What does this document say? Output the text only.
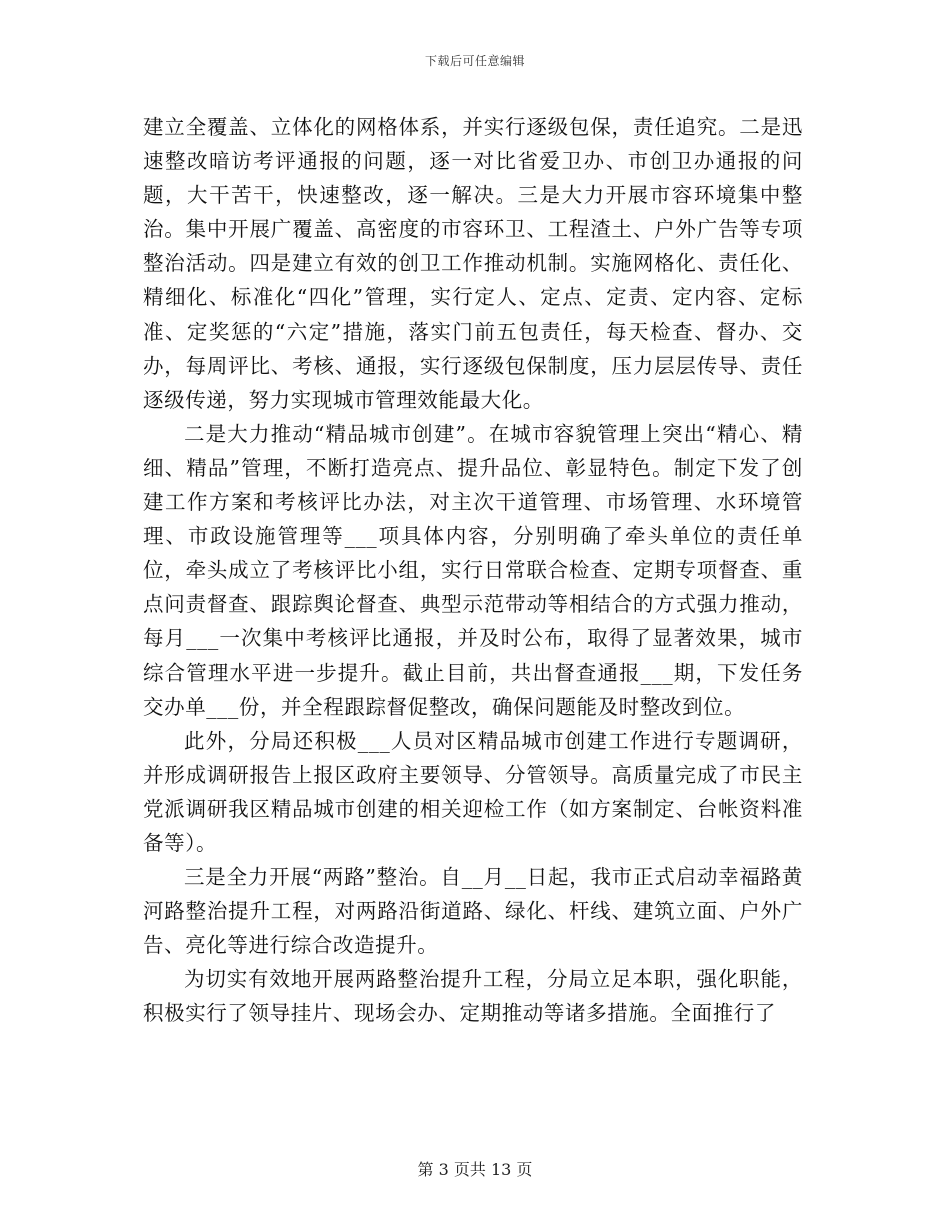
下载后可任意编辑

建立全覆盖、立体化的网格体系，并实行逐级包保，责任追究。二是迅速整改暗访考评通报的问题，逐一对比省爱卫办、市创卫办通报的问题，大干苦干，快速整改，逐一解决。三是大力开展市容环境集中整治。集中开展广覆盖、高密度的市容环卫、工程渣土、户外广告等专项整治活动。四是建立有效的创卫工作推动机制。实施网格化、责任化、精细化、标准化“四化”管理，实行定人、定点、定责、定内容、定标准、定奖惩的“六定”措施，落实门前五包责任，每天检查、督办、交办，每周评比、考核、通报，实行逐级包保制度，压力层层传导、责任逐级传递，努力实现城市管理效能最大化。

二是大力推动“精品城市创建”。在城市容貌管理上突出“精心、精细、精品”管理，不断打造亮点、提升品位、彰显特色。制定下发了创建工作方案和考核评比办法，对主次干道管理、市场管理、水环境管理、市政设施管理等___项具体内容，分别明确了牵头单位的责任单位，牵头成立了考核评比小组，实行日常联合检查、定期专项督查、重点问责督查、跟踪舆论督查、典型示范带动等相结合的方式强力推动，每月___一次集中考核评比通报，并及时公布，取得了显著效果，城市综合管理水平进一步提升。截止目前，共出督查通报___期，下发任务交办单___份，并全程跟踪督促整改，确保问题能及时整改到位。

此外，分局还积极___人员对区精品城市创建工作进行专题调研，并形成调研报告上报区政府主要领导、分管领导。高质量完成了市民主党派调研我区精品城市创建的相关迎检工作（如方案制定、台帐资料准备等）。

三是全力开展“两路”整治。自__月__日起，我市正式启动幸福路黄河路整治提升工程，对两路沿街道路、绿化、杆线、建筑立面、户外广告、亮化等进行综合改造提升。

为切实有效地开展两路整治提升工程，分局立足本职，强化职能，积极实行了领导挂片、现场会办、定期推动等诸多措施。全面推行了

第 3 页共 13 页
